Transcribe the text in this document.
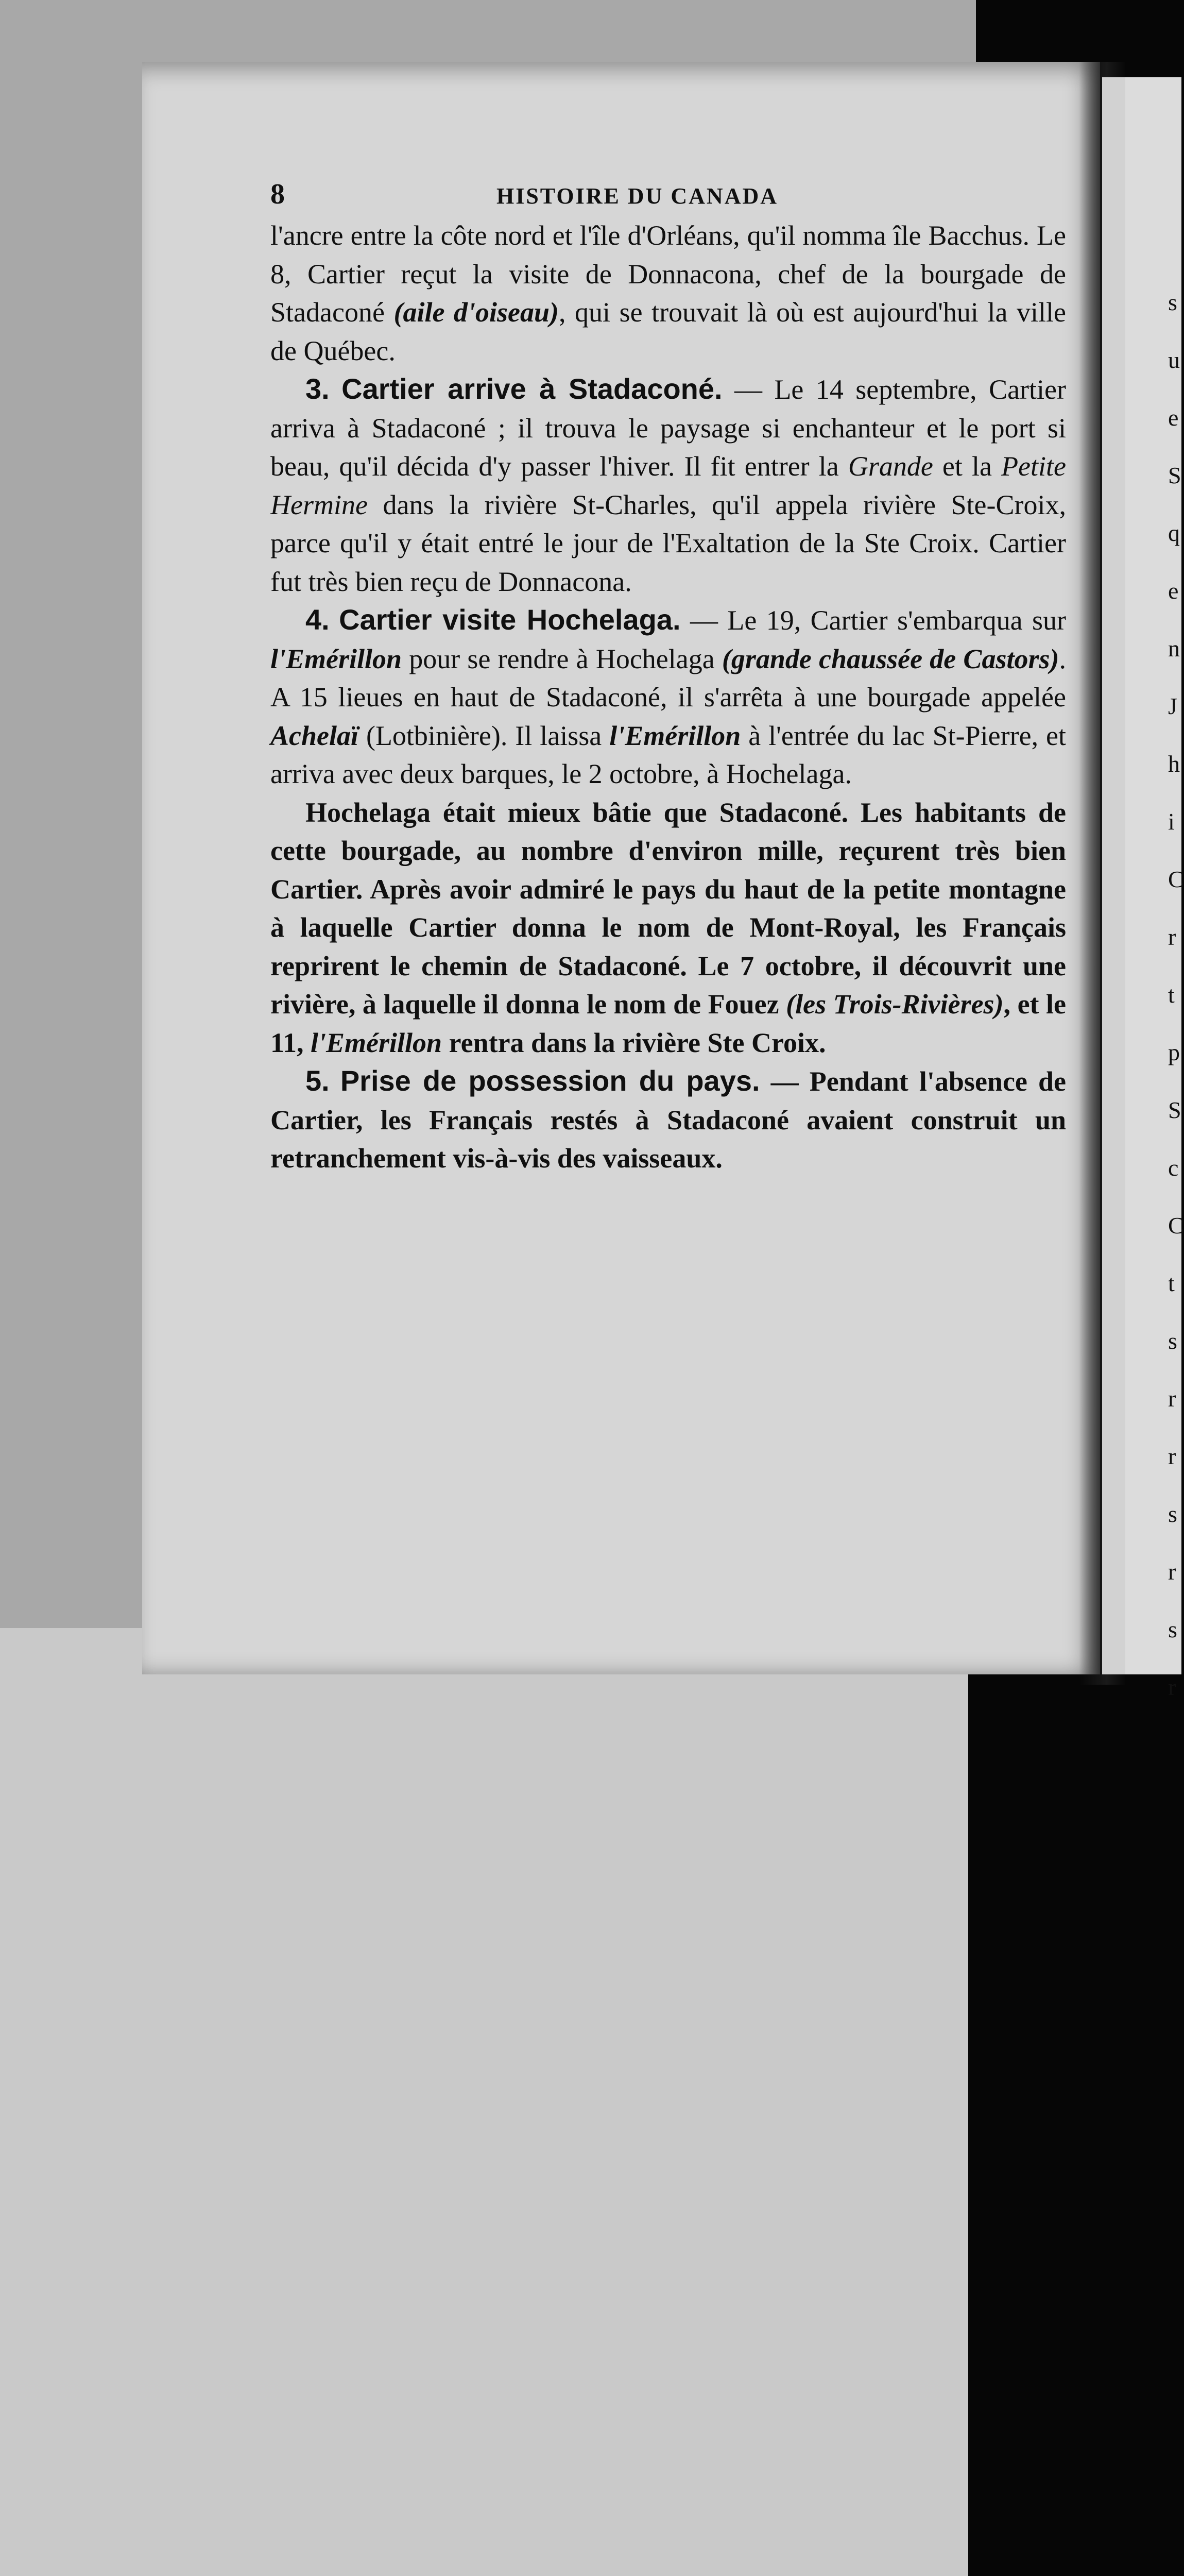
s
u
e
S
q
e
n
J
h
i
C
r
t
p
S
c
C
t
s
r
r
s
r
s
r
8	HISTOIRE DU CANADA

l'ancre entre la côte nord et l'île d'Orléans, qu'il nomma île Bacchus. Le 8, Cartier reçut la visite de Donnacona, chef de la bourgade de Stadaconé (aile d'oiseau), qui se trouvait là où est aujourd'hui la ville de Québec.

3. Cartier arrive à Stadaconé. — Le 14 septembre, Cartier arriva à Stadaconé ; il trouva le paysage si enchanteur et le port si beau, qu'il décida d'y passer l'hiver. Il fit entrer la Grande et la Petite Hermine dans la rivière St-Charles, qu'il appela rivière Ste-Croix, parce qu'il y était entré le jour de l'Exaltation de la Ste Croix. Cartier fut très bien reçu de Donnacona.

4. Cartier visite Hochelaga. — Le 19, Cartier s'embarqua sur l'Emérillon pour se rendre à Hochelaga (grande chaussée de Castors). A 15 lieues en haut de Stadaconé, il s'arrêta à une bourgade appelée Achelaï (Lotbinière). Il laissa l'Emérillon à l'entrée du lac St-Pierre, et arriva avec deux barques, le 2 octobre, à Hochelaga.

Hochelaga était mieux bâtie que Stadaconé. Les habitants de cette bourgade, au nombre d'environ mille, reçurent très bien Cartier. Après avoir admiré le pays du haut de la petite montagne à laquelle Cartier donna le nom de Mont-Royal, les Français reprirent le chemin de Stadaconé. Le 7 octobre, il découvrit une rivière, à laquelle il donna le nom de Fouez (les Trois-Rivières), et le 11, l'Emérillon rentra dans la rivière Ste Croix.

5. Prise de possession du pays. — Pendant l'absence de Cartier, les Français restés à Stadaconé avaient construit un retranchement vis-à-vis des vaisseaux.
